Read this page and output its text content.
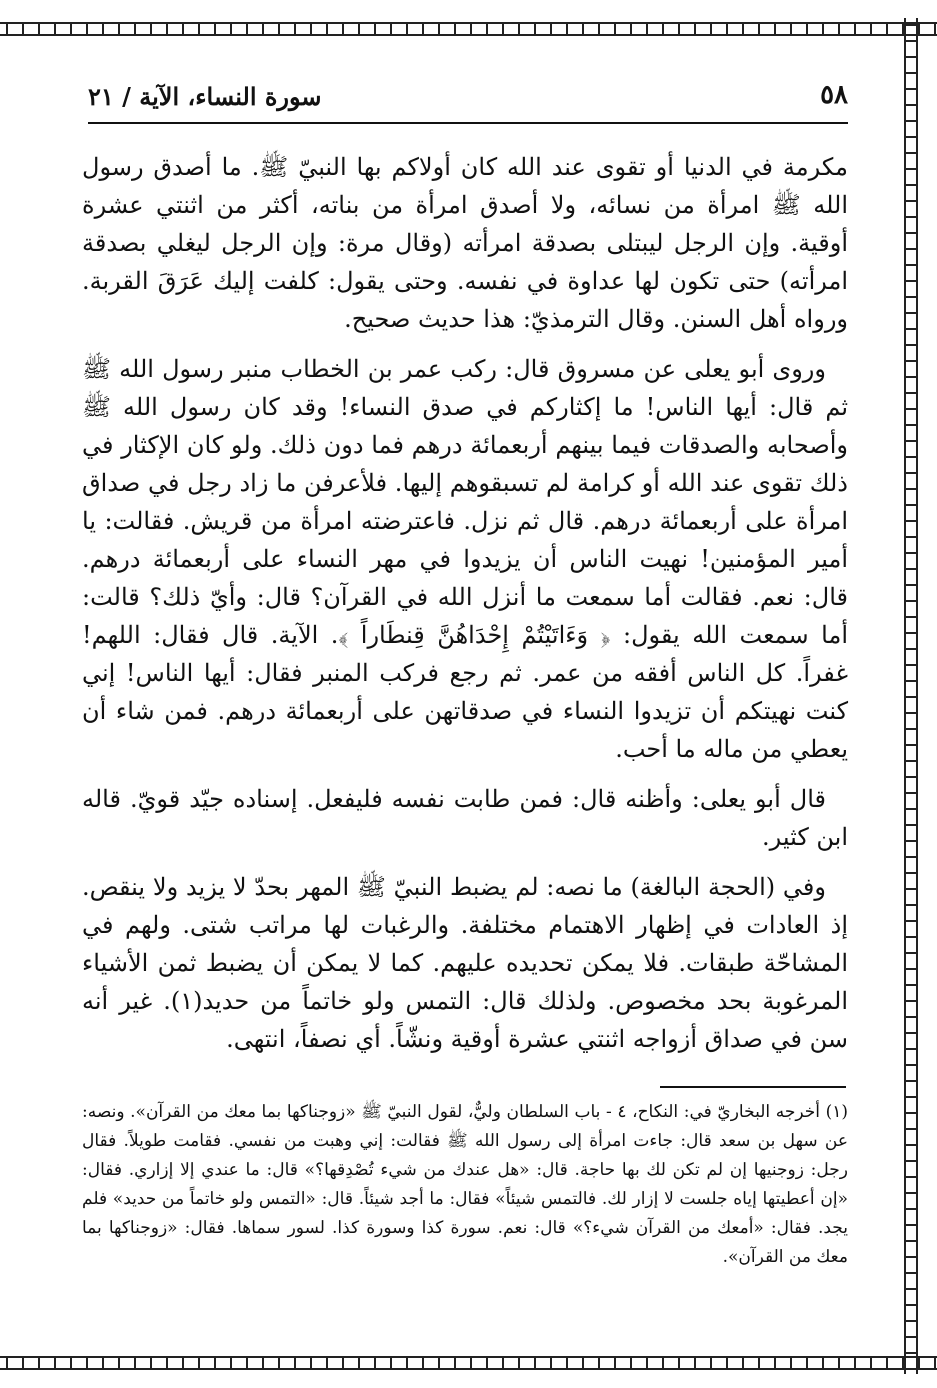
٥٨
سورة النساء، الآية / ٢١

مكرمة في الدنيا أو تقوى عند الله كان أولاكم بها النبيّ ﷺ. ما أصدق رسول الله ﷺ امرأة من نسائه، ولا أصدق امرأة من بناته، أكثر من اثنتي عشرة أوقية. وإن الرجل ليبتلى بصدقة امرأته (وقال مرة: وإن الرجل ليغلي بصدقة امرأته) حتى تكون لها عداوة في نفسه. وحتى يقول: كلفت إليك عَرَقَ القربة. ورواه أهل السنن. وقال الترمذيّ: هذا حديث صحيح.

وروى أبو يعلى عن مسروق قال: ركب عمر بن الخطاب منبر رسول الله ﷺ ثم قال: أيها الناس! ما إكثاركم في صدق النساء! وقد كان رسول الله ﷺ وأصحابه والصدقات فيما بينهم أربعمائة درهم فما دون ذلك. ولو كان الإكثار في ذلك تقوى عند الله أو كرامة لم تسبقوهم إليها. فلأعرفن ما زاد رجل في صداق امرأة على أربعمائة درهم. قال ثم نزل. فاعترضته امرأة من قريش. فقالت: يا أمير المؤمنين! نهيت الناس أن يزيدوا في مهر النساء على أربعمائة درهم. قال: نعم. فقالت أما سمعت ما أنزل الله في القرآن؟ قال: وأيّ ذلك؟ قالت: أما سمعت الله يقول: ﴿ وَءَاتَيْتُمْ إِحْدَاهُنَّ قِنطَاراً ﴾. الآية. قال فقال: اللهم! غفراً. كل الناس أفقه من عمر. ثم رجع فركب المنبر فقال: أيها الناس! إني كنت نهيتكم أن تزيدوا النساء في صدقاتهن على أربعمائة درهم. فمن شاء أن يعطي من ماله ما أحب.

قال أبو يعلى: وأظنه قال: فمن طابت نفسه فليفعل. إسناده جيّد قويّ. قاله ابن كثير.

وفي (الحجة البالغة) ما نصه: لم يضبط النبيّ ﷺ المهر بحدّ لا يزيد ولا ينقص. إذ العادات في إظهار الاهتمام مختلفة. والرغبات لها مراتب شتى. ولهم في المشاحّة طبقات. فلا يمكن تحديده عليهم. كما لا يمكن أن يضبط ثمن الأشياء المرغوبة بحد مخصوص. ولذلك قال: التمس ولو خاتماً من حديد(١). غير أنه سن في صداق أزواجه اثنتي عشرة أوقية ونشّاً. أي نصفاً، انتهى.

(١) أخرجه البخاريّ في: النكاح، ٤ - باب السلطان وليٌّ، لقول النبيّ ﷺ «زوجناكها بما معك من القرآن». ونصه: عن سهل بن سعد قال: جاءت امرأة إلى رسول الله ﷺ فقالت: إني وهبت من نفسي. فقامت طويلاً. فقال رجل: زوجنيها إن لم تكن لك بها حاجة. قال: «هل عندك من شيء تُصْدِقها؟» قال: ما عندي إلا إزاري. فقال: «إن أعطيتها إياه جلست لا إزار لك. فالتمس شيئاً» فقال: ما أجد شيئاً. قال: «التمس ولو خاتماً من حديد» فلم يجد. فقال: «أمعك من القرآن شيء؟» قال: نعم. سورة كذا وسورة كذا. لسور سماها. فقال: «زوجناكها بما معك من القرآن».
